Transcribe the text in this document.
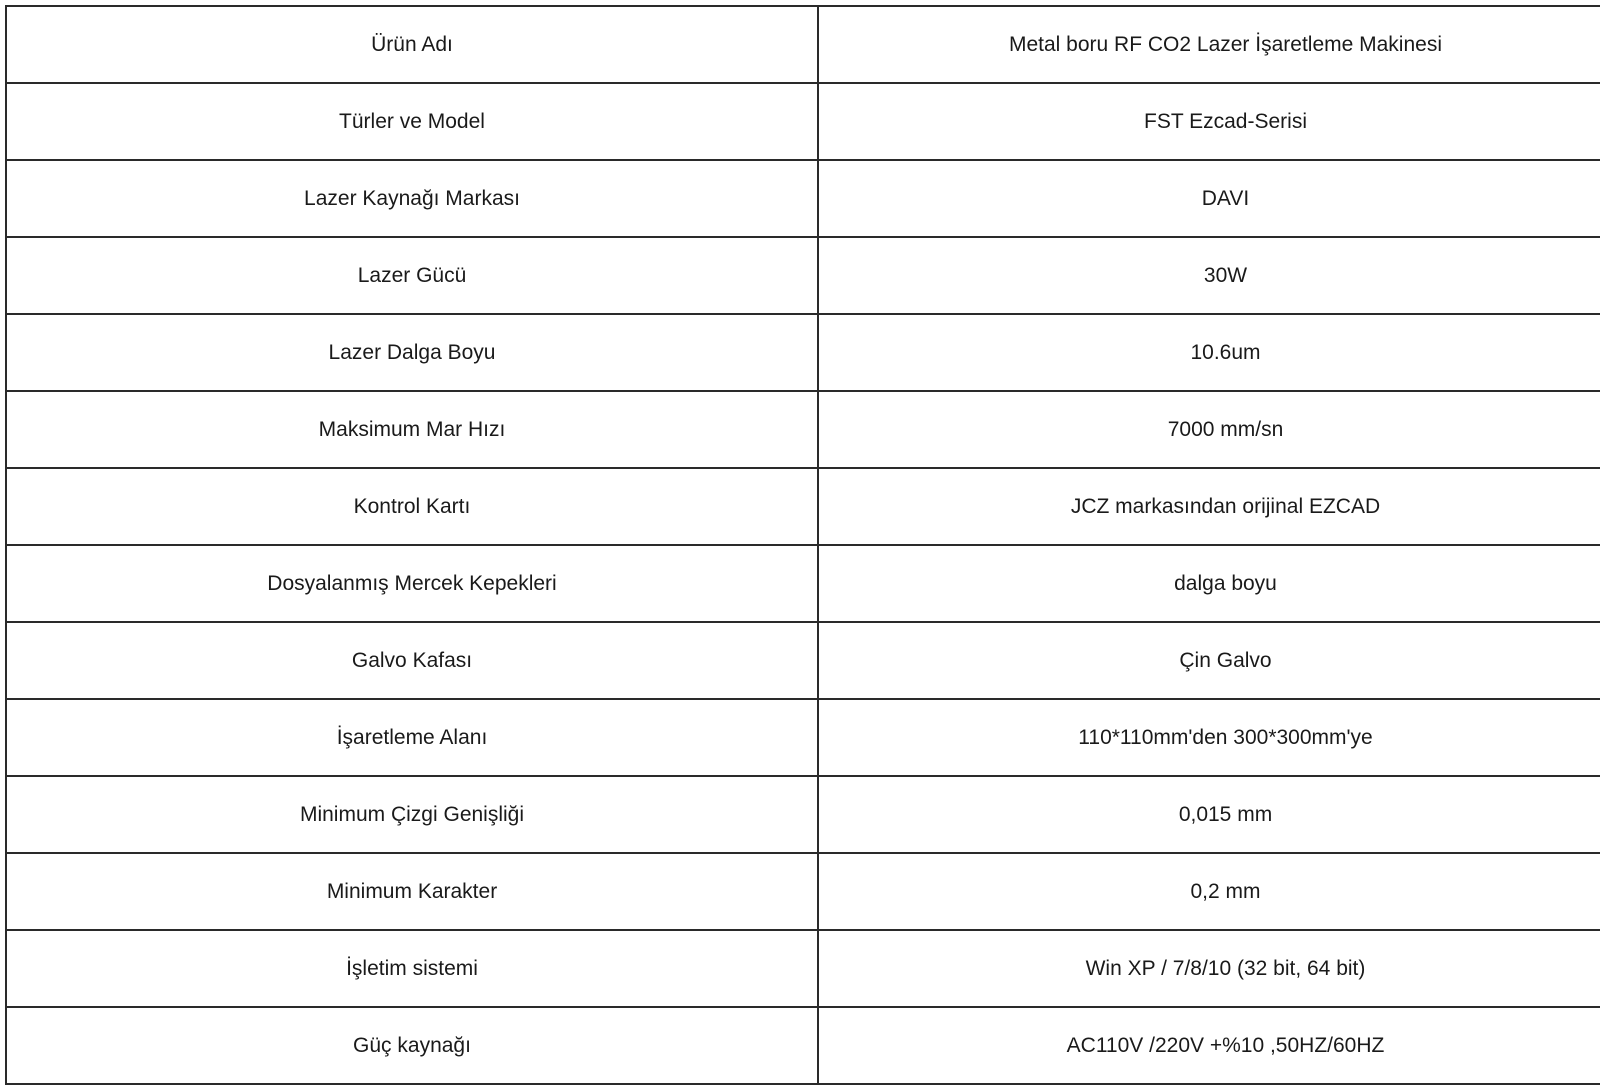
Ürün Adı	Metal boru RF CO2 Lazer İşaretleme Makinesi
Türler ve Model	FST Ezcad-Serisi
Lazer Kaynağı Markası	DAVI
Lazer Gücü	30W
Lazer Dalga Boyu	10.6um
Maksimum Mar Hızı	7000 mm/sn
Kontrol Kartı	JCZ markasından orijinal EZCAD
Dosyalanmış Mercek Kepekleri	dalga boyu
Galvo Kafası	Çin Galvo
İşaretleme Alanı	110*110mm'den 300*300mm'ye
Minimum Çizgi Genişliği	0,015 mm
Minimum Karakter	0,2 mm
İşletim sistemi	Win XP / 7/8/10 (32 bit, 64 bit)
Güç kaynağı	AC110V /220V +%10 ,50HZ/60HZ
